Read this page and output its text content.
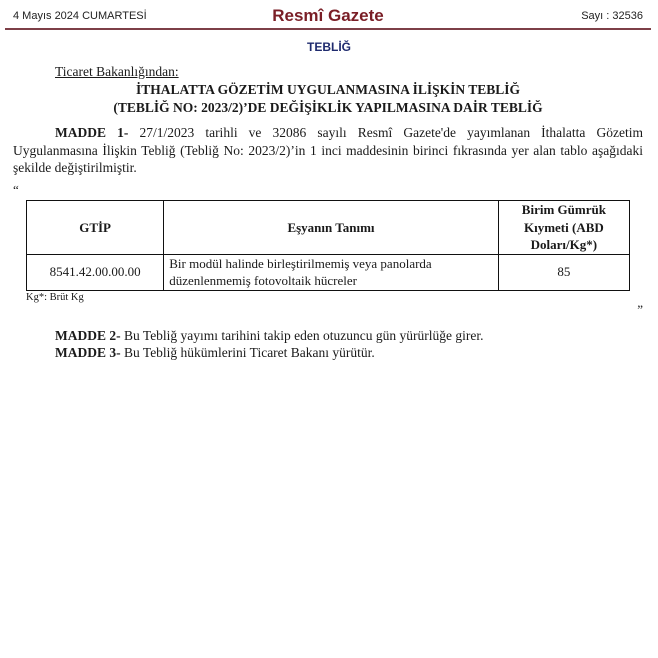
4 Mayıs 2024 CUMARTESİ	Resmî Gazete	Sayı : 32536
TEBLİĞ
Ticaret Bakanlığından:
İTHALATTA GÖZETİM UYGULANMASINA İLİŞKİN TEBLİĞ
(TEBLİĞ NO: 2023/2)’DE DEĞİŞİKLİK YAPILMASINA DAİR TEBLİĞ

MADDE 1- 27/1/2023 tarihli ve 32086 sayılı Resmî Gazete'de yayımlanan İthalatta Gözetim Uygulanmasına İlişkin Tebliğ (Tebliğ No: 2023/2)’in 1 inci maddesinin birinci fıkrasında yer alan tablo aşağıdaki şekilde değiştirilmiştir.

“
GTİP	Eşyanın Tanımı	Birim Gümrük Kıymeti (ABD Doları/Kg*)
8541.42.00.00.00	Bir modül halinde birleştirilmemiş veya panolarda düzenlenmemiş fotovoltaik hücreler	85
Kg*: Brüt Kg
”
MADDE 2- Bu Tebliğ yayımı tarihini takip eden otuzuncu gün yürürlüğe girer.
MADDE 3- Bu Tebliğ hükümlerini Ticaret Bakanı yürütür.
